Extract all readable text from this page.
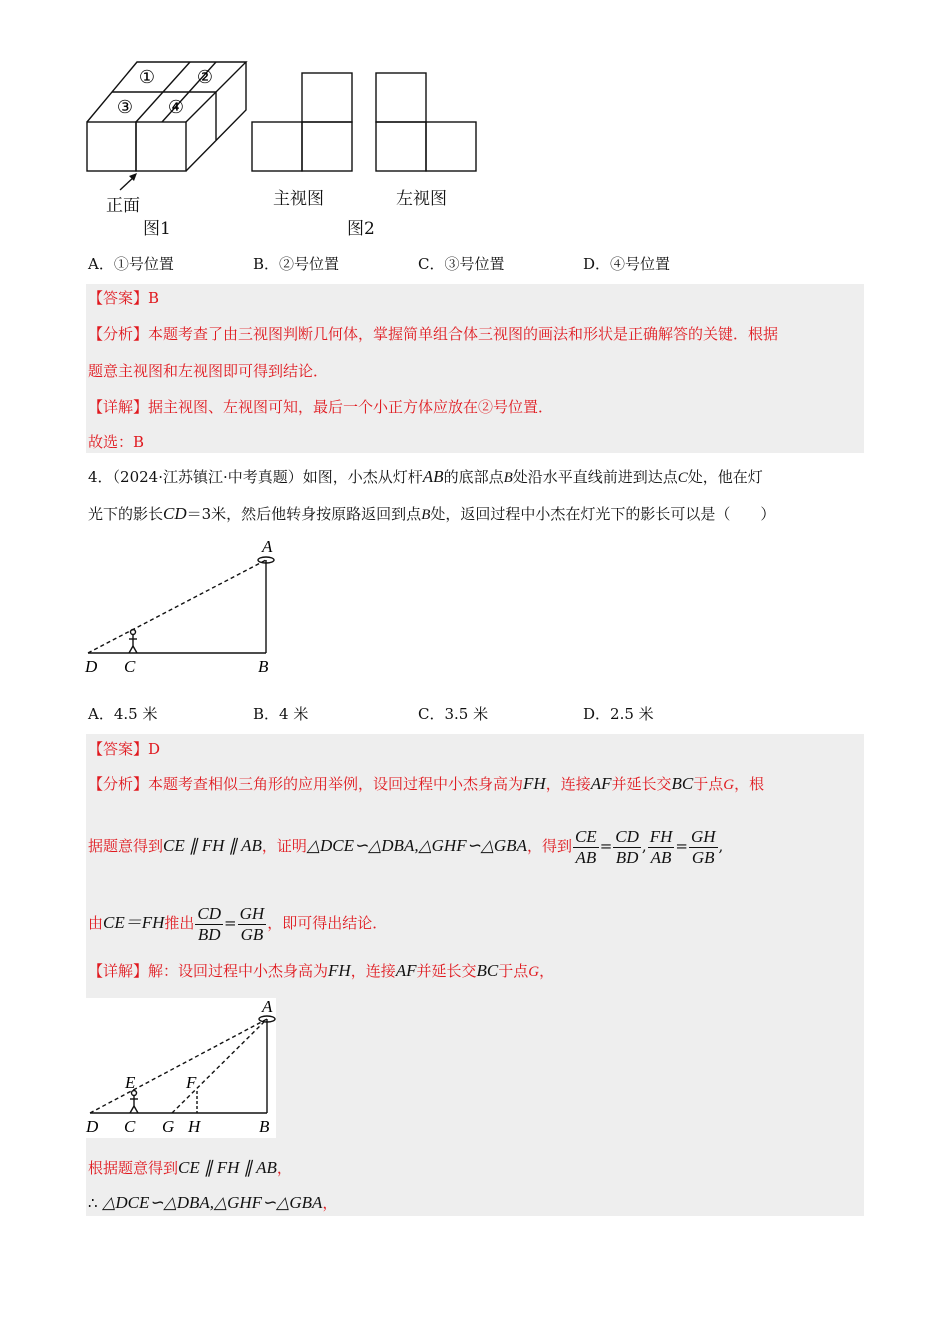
① ②
③ ④
正面
图1
主视图	左视图
图2
A．①号位置	B．②号位置	C．③号位置	D．④号位置
【答案】B
【分析】本题考查了由三视图判断几何体，掌握简单组合体三视图的画法和形状是正确解答的关键．根据
题意主视图和左视图即可得到结论．
【详解】据主视图、左视图可知，最后一个小正方体应放在②号位置．
故选：B
4．（2024·江苏镇江·中考真题）如图，小杰从灯杆AB的底部点B处沿水平直线前进到达点C处，他在灯
光下的影长CD＝3米，然后他转身按原路返回到点B处，返回过程中小杰在灯光下的影长可以是（　　）
A
D C	B
A．4.5 米	B．4 米	C．3.5 米	D．2.5 米
【答案】D
【分析】本题考查相似三角形的应用举例，设回过程中小杰身高为FH，连接AF并延长交BC于点G，根
据题意得到CE ∥ FH ∥ AB，证明△DCE∽△DBA,△GHF∽△GBA，得到 $\frac{CE}{AB} = \frac{CD}{BD}$ , $\frac{FH}{AB} = \frac{GH}{GB}$ ,
由CE＝FH推出 $\frac{CD}{BD} = \frac{GH}{GB}$ ，即可得出结论．
【详解】解：设回过程中小杰身高为FH，连接AF并延长交BC于点G，
A
E	F
D C G H	B
根据题意得到CE ∥ FH ∥ AB，
∴ △DCE∽△DBA,△GHF∽△GBA，
